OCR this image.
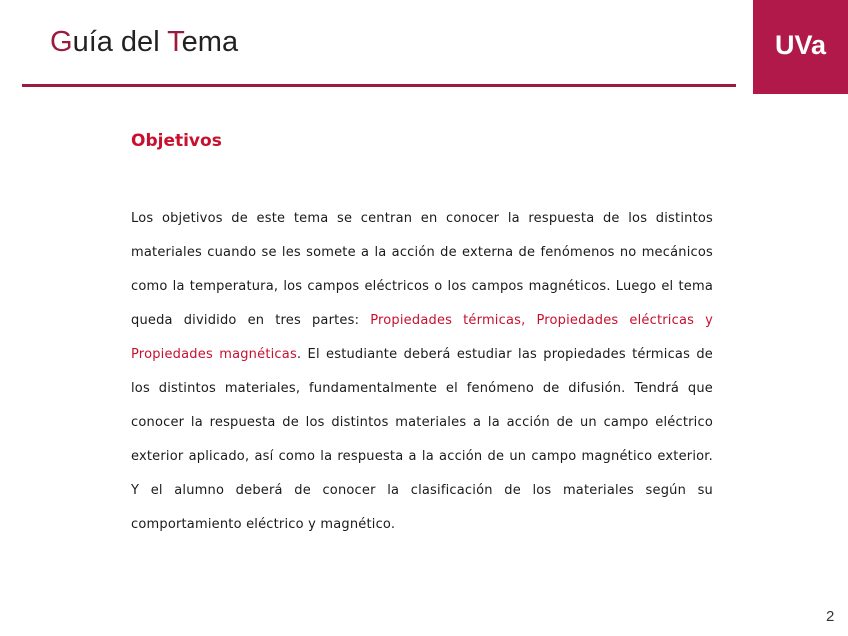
Guía del Tema	UVa
Objetivos
Los objetivos de este tema se centran en conocer la respuesta de los distintos materiales cuando se les somete a la acción de externa de fenómenos no mecánicos como la temperatura, los campos eléctricos o los campos magnéticos. Luego el tema queda dividido en tres partes: Propiedades térmicas, Propiedades eléctricas y Propiedades magnéticas. El estudiante deberá estudiar las propiedades térmicas de los distintos materiales, fundamentalmente el fenómeno de difusión. Tendrá que conocer la respuesta de los distintos materiales a la acción de un campo eléctrico exterior aplicado, así como la respuesta a la acción de un campo magnético exterior. Y el alumno deberá de conocer la clasificación de los materiales según su comportamiento eléctrico y magnético.
2
